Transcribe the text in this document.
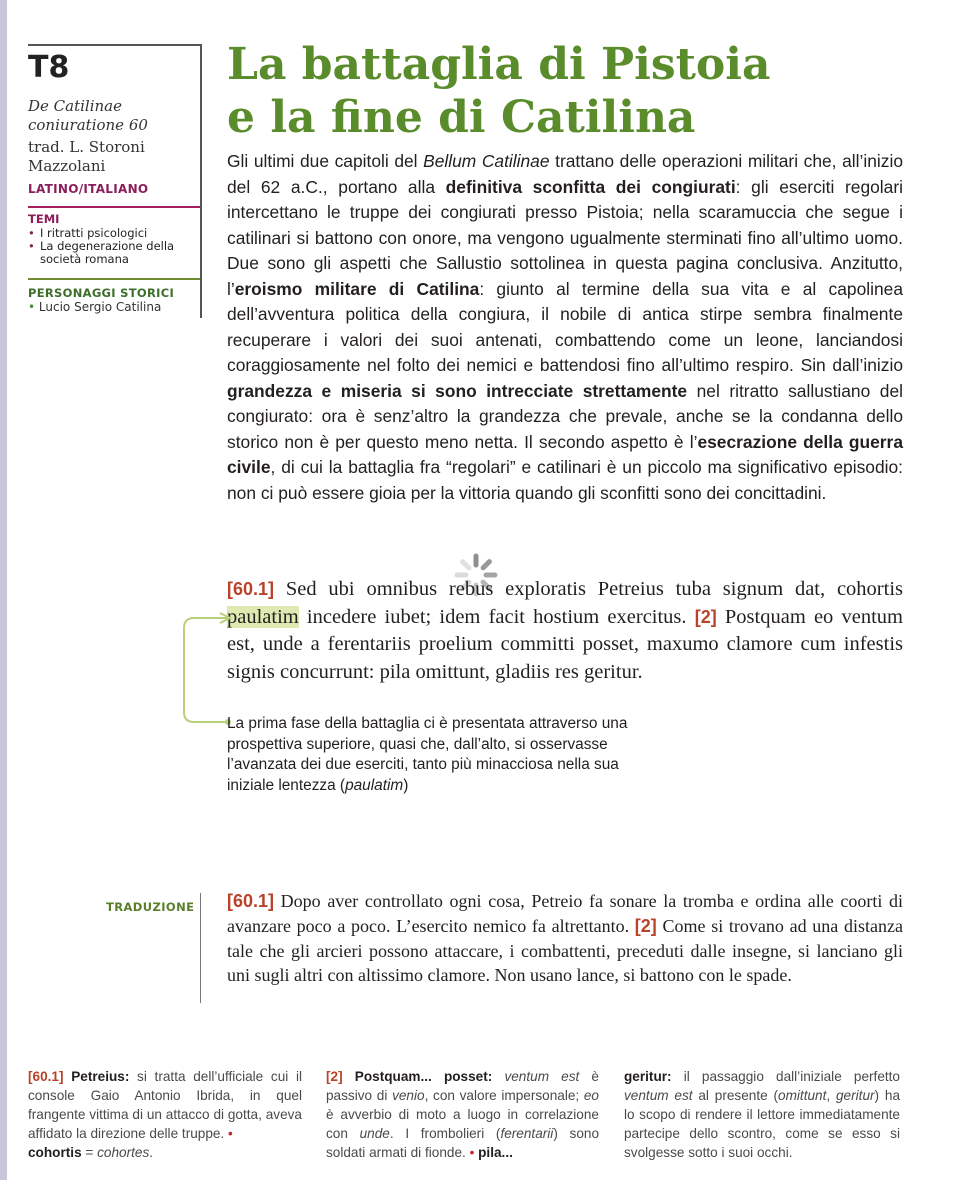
T8
De Catilinae coniuratione 60
trad. L. Storoni Mazzolani
LATINO/ITALIANO
TEMI
• I ritratti psicologici
• La degenerazione della società romana
PERSONAGGI STORICI
• Lucio Sergio Catilina
La battaglia di Pistoia
e la fine di Catilina
Gli ultimi due capitoli del Bellum Catilinae trattano delle operazioni militari che, all’inizio del 62 a.C., portano alla definitiva sconfitta dei congiurati: gli eserciti regolari intercettano le truppe dei congiurati presso Pistoia; nella scaramuccia che segue i catilinari si battono con onore, ma vengono ugualmente sterminati fino all’ultimo uomo. Due sono gli aspetti che Sallustio sottolinea in questa pagina conclusiva. Anzitutto, l’eroismo militare di Catilina: giunto al termine della sua vita e al capolinea dell’avventura politica della congiura, il nobile di antica stirpe sembra finalmente recuperare i valori dei suoi antenati, combattendo come un leone, lanciandosi coraggiosamente nel folto dei nemici e battendosi fino all’ultimo respiro. Sin dall’inizio grandezza e miseria si sono intrecciate strettamente nel ritratto sallustiano del congiurato: ora è senz’altro la grandezza che prevale, anche se la condanna dello storico non è per questo meno netta. Il secondo aspetto è l’esecrazione della guerra civile, di cui la battaglia fra “regolari” e catilinari è un piccolo ma significativo episodio: non ci può essere gioia per la vittoria quando gli sconfitti sono dei concittadini.
[60.1] Sed ubi omnibus rebus exploratis Petreius tuba signum dat, cohortis paulatim incedere iubet; idem facit hostium exercitus. [2] Postquam eo ventum est, unde a ferentariis proelium committi posset, maxumo clamore cum infestis signis concurrunt: pila omittunt, gladiis res geritur.
La prima fase della battaglia ci è presentata attraverso una prospettiva superiore, quasi che, dall’alto, si osservasse l’avanzata dei due eserciti, tanto più minacciosa nella sua iniziale lentezza (paulatim)
TRADUZIONE [60.1] Dopo aver controllato ogni cosa, Petreio fa sonare la tromba e ordina alle coorti di avanzare poco a poco. L’esercito nemico fa altrettanto. [2] Come si trovano ad una distanza tale che gli arcieri possono attaccare, i combattenti, preceduti dalle insegne, si lanciano gli uni sugli altri con altissimo clamore. Non usano lance, si battono con le spade.
[60.1] Petreius: si tratta dell’ufficiale cui il console Gaio Antonio Ibrida, in quel frangente vittima di un attacco di gotta, aveva affidato la direzione delle truppe. •
cohortis = cohortes.
[2] Postquam... posset: ventum est è passivo di venio, con valore impersonale; eo è avverbio di moto a luogo in correlazione con unde. I frombolieri (ferentarii) sono soldati armati di fionde. • pila...
geritur: il passaggio dall’iniziale perfetto ventum est al presente (omittunt, geritur) ha lo scopo di rendere il lettore immediatamente partecipe dello scontro, come se esso si svolgesse sotto i suoi occhi.
